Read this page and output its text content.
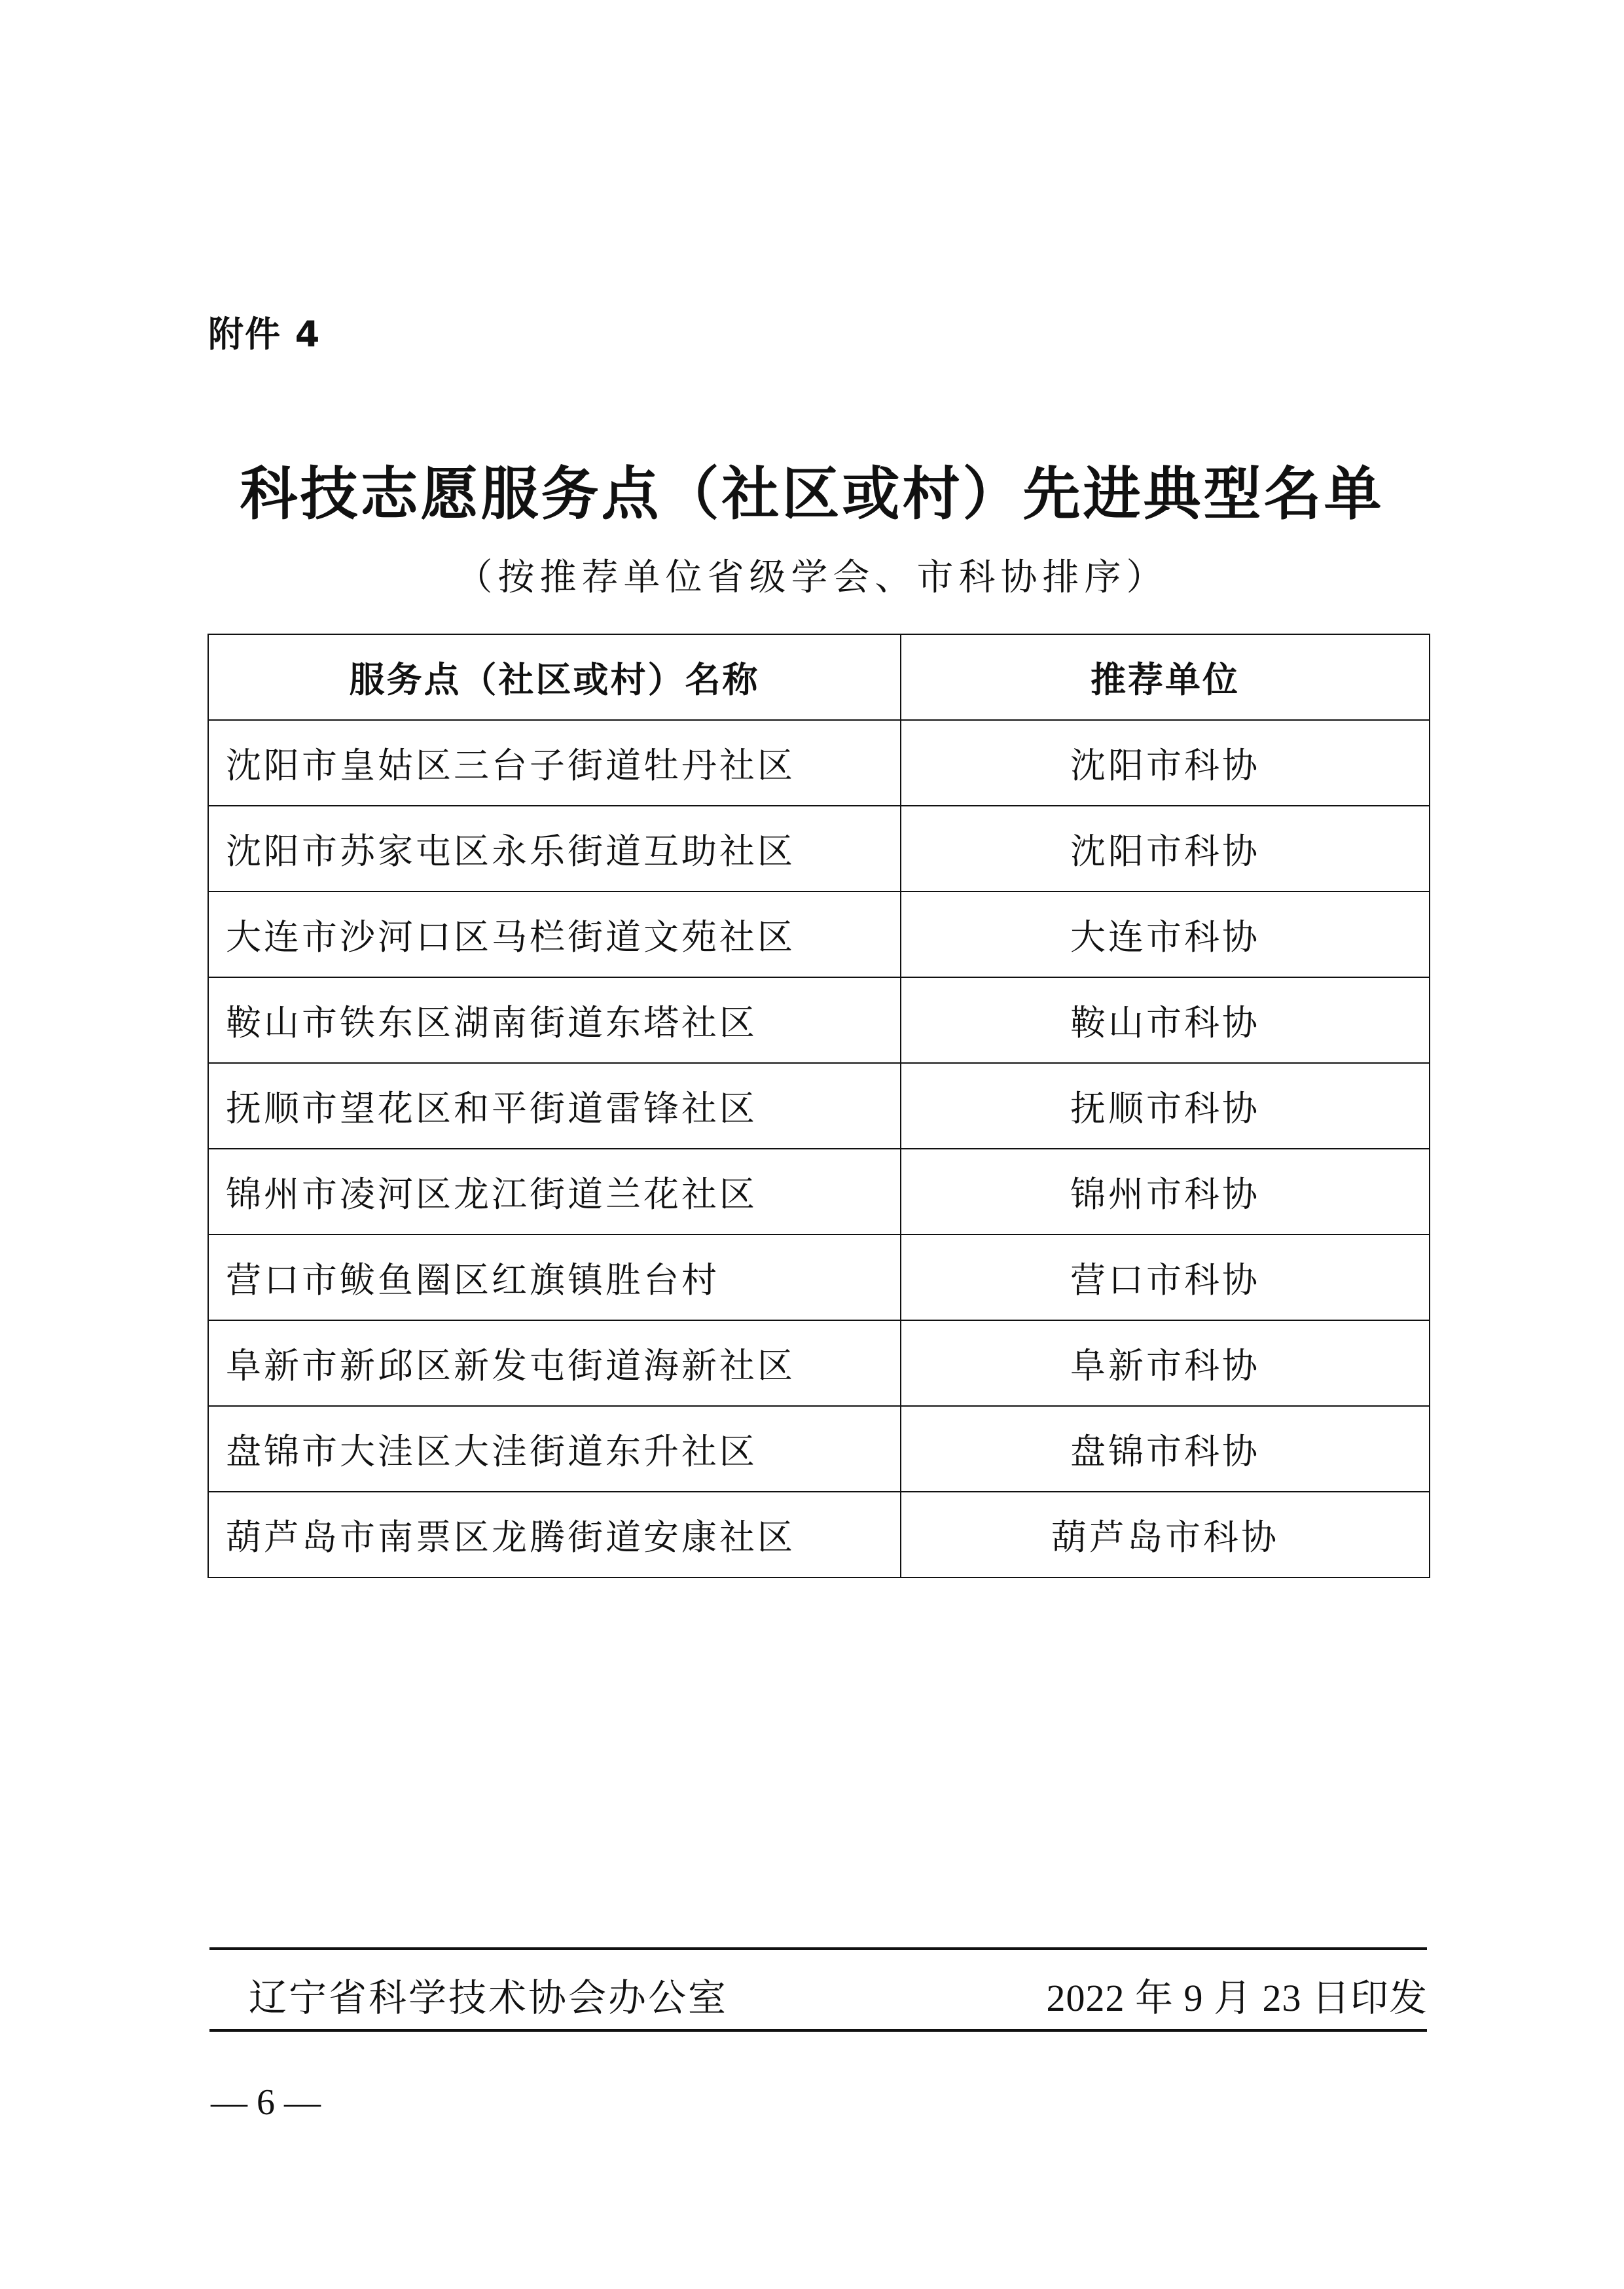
附件 4
科技志愿服务点（社区或村）先进典型名单
（按推荐单位省级学会、市科协排序）
服务点（社区或村）名称	推荐单位
沈阳市皇姑区三台子街道牡丹社区	沈阳市科协
沈阳市苏家屯区永乐街道互助社区	沈阳市科协
大连市沙河口区马栏街道文苑社区	大连市科协
鞍山市铁东区湖南街道东塔社区	鞍山市科协
抚顺市望花区和平街道雷锋社区	抚顺市科协
锦州市凌河区龙江街道兰花社区	锦州市科协
营口市鲅鱼圈区红旗镇胜台村	营口市科协
阜新市新邱区新发屯街道海新社区	阜新市科协
盘锦市大洼区大洼街道东升社区	盘锦市科协
葫芦岛市南票区龙腾街道安康社区	葫芦岛市科协
辽宁省科学技术协会办公室	2022 年 9 月 23 日印发
— 6 —
